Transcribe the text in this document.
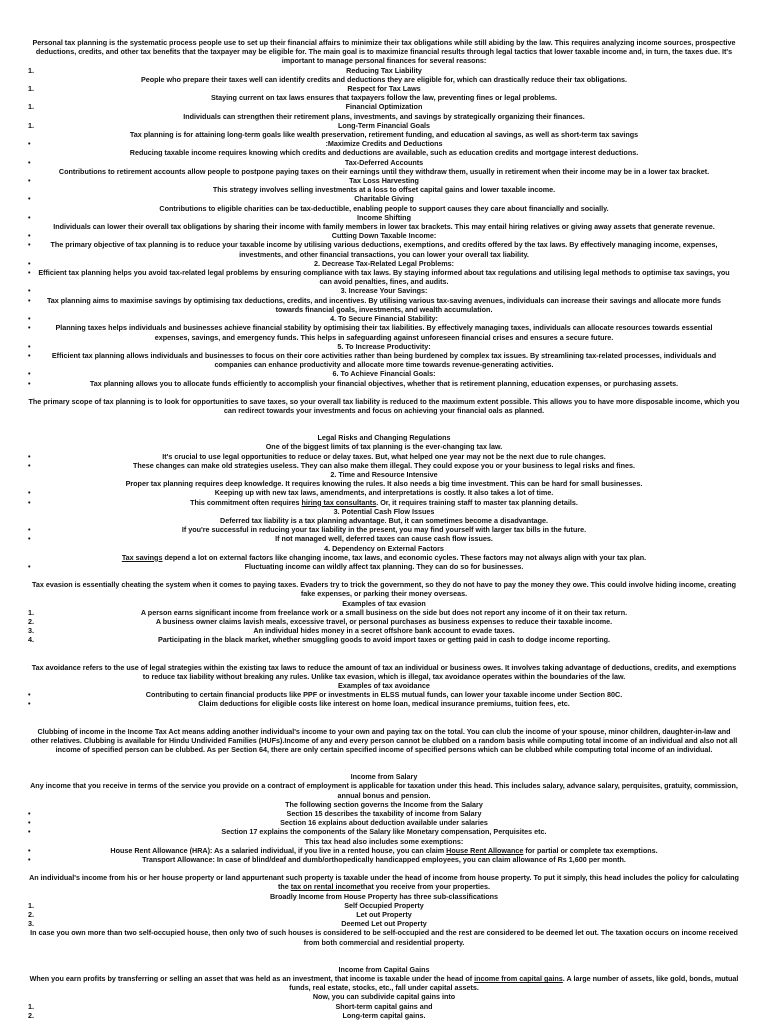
Personal tax planning is the systematic process people use to set up their financial affairs to minimize their tax obligations while still abiding by the law. This requires analyzing income sources, prospective deductions, credits, and other tax benefits that the taxpayer may be eligible for. The main goal is to maximize financial results through legal tactics that lower taxable income and, in turn, the taxes due. It's important to manage personal finances for several reasons:
1.	Reducing Tax Liability
People who prepare their taxes well can identify credits and deductions they are eligible for, which can drastically reduce their tax obligations.
1.	Respect for Tax Laws
Staying current on tax laws ensures that taxpayers follow the law, preventing fines or legal problems.
1.	Financial Optimization
Individuals can strengthen their retirement plans, investments, and savings by strategically organizing their finances.
1.	Long-Term Financial Goals
Tax planning is for attaining long-term goals like wealth preservation, retirement funding, and education al savings, as well as short-term tax savings
•	:Maximize Credits and Deductions
Reducing taxable income requires knowing which credits and deductions are available, such as education credits and mortgage interest deductions.
•	Tax-Deferred Accounts
Contributions to retirement accounts allow people to postpone paying taxes on their earnings until they withdraw them, usually in retirement when their income may be in a lower tax bracket.
•	Tax Loss Harvesting
This strategy involves selling investments at a loss to offset capital gains and lower taxable income.
•	Charitable Giving
Contributions to eligible charities can be tax-deductible, enabling people to support causes they care about financially and socially.
•	Income Shifting
Individuals can lower their overall tax obligations by sharing their income with family members in lower tax brackets. This may entail hiring relatives or giving away assets that generate revenue.
•	Cutting Down Taxable Income:
•	The primary objective of tax planning is to reduce your taxable income by utilising various deductions, exemptions, and credits offered by the tax laws. By effectively managing income, expenses, investments, and other financial transactions, you can lower your overall tax liability.
•	2. Decrease Tax-Related Legal Problems:
• Efficient tax planning helps you avoid tax-related legal problems by ensuring compliance with tax laws. By staying informed about tax regulations and utilising legal methods to optimise tax savings, you can avoid penalties, fines, and audits.
•	3. Increase Your Savings:
• Tax planning aims to maximise savings by optimising tax deductions, credits, and incentives. By utilising various tax-saving avenues, individuals can increase their savings and allocate more funds towards financial goals, investments, and wealth accumulation.
•	4. To Secure Financial Stability:
•	Planning taxes helps individuals and businesses achieve financial stability by optimising their tax liabilities. By effectively managing taxes, individuals can allocate resources towards essential expenses, savings, and emergency funds. This helps in safeguarding against unforeseen financial crises and ensures a secure future.
•	5. To Increase Productivity:
•	Efficient tax planning allows individuals and businesses to focus on their core activities rather than being burdened by complex tax issues. By streamlining tax-related processes, individuals and companies can enhance productivity and allocate more time towards revenue-generating activities.
•	6. To Achieve Financial Goals:
•	Tax planning allows you to allocate funds efficiently to accomplish your financial objectives, whether that is retirement planning, education expenses, or purchasing assets.
The primary scope of tax planning is to look for opportunities to save taxes, so your overall tax liability is reduced to the maximum extent possible. This allows you to have more disposable income, which you can redirect towards your investments and focus on achieving your financial oals as planned.
Legal Risks and Changing Regulations
One of the biggest limits of tax planning is the ever-changing tax law.
•	It's crucial to use legal opportunities to reduce or delay taxes. But, what helped one year may not be the next due to rule changes.
•	These changes can make old strategies useless. They can also make them illegal. They could expose you or your business to legal risks and fines.
2. Time and Resource Intensive
Proper tax planning requires deep knowledge. It requires knowing the rules. It also needs a big time investment. This can be hard for small businesses.
•	Keeping up with new tax laws, amendments, and interpretations is costly. It also takes a lot of time.
•	This commitment often requires hiring tax consultants. Or, it requires training staff to master tax planning details.
3. Potential Cash Flow Issues
Deferred tax liability is a tax planning advantage. But, it can sometimes become a disadvantage.
•	If you're successful in reducing your tax liability in the present, you may find yourself with larger tax bills in the future.
•	If not managed well, deferred taxes can cause cash flow issues.
4. Dependency on External Factors
Tax savings depend a lot on external factors like changing income, tax laws, and economic cycles. These factors may not always align with your tax plan.
•	Fluctuating income can wildly affect tax planning. They can do so for businesses.
Tax evasion is essentially cheating the system when it comes to paying taxes. Evaders try to trick the government, so they do not have to pay the money they owe. This could involve hiding income, creating fake expenses, or parking their money overseas.
Examples of tax evasion
1.	A person earns significant income from freelance work or a small business on the side but does not report any income of it on their tax return.
2.	A business owner claims lavish meals, excessive travel, or personal purchases as business expenses to reduce their taxable income.
3.	An individual hides money in a secret offshore bank account to evade taxes.
4.	Participating in the black market, whether smuggling goods to avoid import taxes or getting paid in cash to dodge income reporting.
Tax avoidance refers to the use of legal strategies within the existing tax laws to reduce the amount of tax an individual or business owes. It involves taking advantage of deductions, credits, and exemptions to reduce tax liability without breaking any rules. Unlike tax evasion, which is illegal, tax avoidance operates within the boundaries of the law.
Examples of tax avoidance
•	Contributing to certain financial products like PPF or investments in ELSS mutual funds, can lower your taxable income under Section 80C.
•	Claim deductions for eligible costs like interest on home loan, medical insurance premiums, tuition fees, etc.
Clubbing of income in the Income Tax Act means adding another individual's income to your own and paying tax on the total. You can club the income of your spouse, minor children, daughter-in-law and other relatives. Clubbing is available for Hindu Undivided Families (HUFs).Income of any and every person cannot be clubbed on a random basis while computing total income of an individual and also not all income of specified person can be clubbed. As per Section 64, there are only certain specified income of specified persons which can be clubbed while computing total income of an individual.
Income from Salary
Any income that you receive in terms of the service you provide on a contract of employment is applicable for taxation under this head. This includes salary, advance salary, perquisites, gratuity, commission, annual bonus and pension.
The following section governs the Income from the Salary
•	Section 15 describes the taxability of income from Salary
•	Section 16 explains about deduction available under salaries
•	Section 17 explains the components of the Salary like Monetary compensation, Perquisites etc.
This tax head also includes some exemptions:
•	House Rent Allowance (HRA): As a salaried individual, if you live in a rented house, you can claim House Rent Allowance for partial or complete tax exemptions.
•	Transport Allowance: In case of blind/deaf and dumb/orthopedically handicapped employees, you can claim allowance of Rs 1,600 per month.
An individual's income from his or her house property or land appurtenant such property is taxable under the head of income from house property. To put it simply, this head includes the policy for calculating the tax on rental incomethat you receive from your properties.
Broadly Income from House Property has three sub-classifications
1.	Self Occupied Property
2.	Let out Property
3.	Deemed Let out Property
In case you own more than two self-occupied house, then only two of such houses is considered to be self-occupied and the rest are considered to be deemed let out. The taxation occurs on income received from both commercial and residential property.
Income from Capital Gains
When you earn profits by transferring or selling an asset that was held as an investment, that income is taxable under the head of income from capital gains. A large number of assets, like gold, bonds, mutual funds, real estate, stocks, etc., fall under capital assets.
Now, you can subdivide capital gains into
1.	Short-term capital gains and
2.	Long-term capital gains.
